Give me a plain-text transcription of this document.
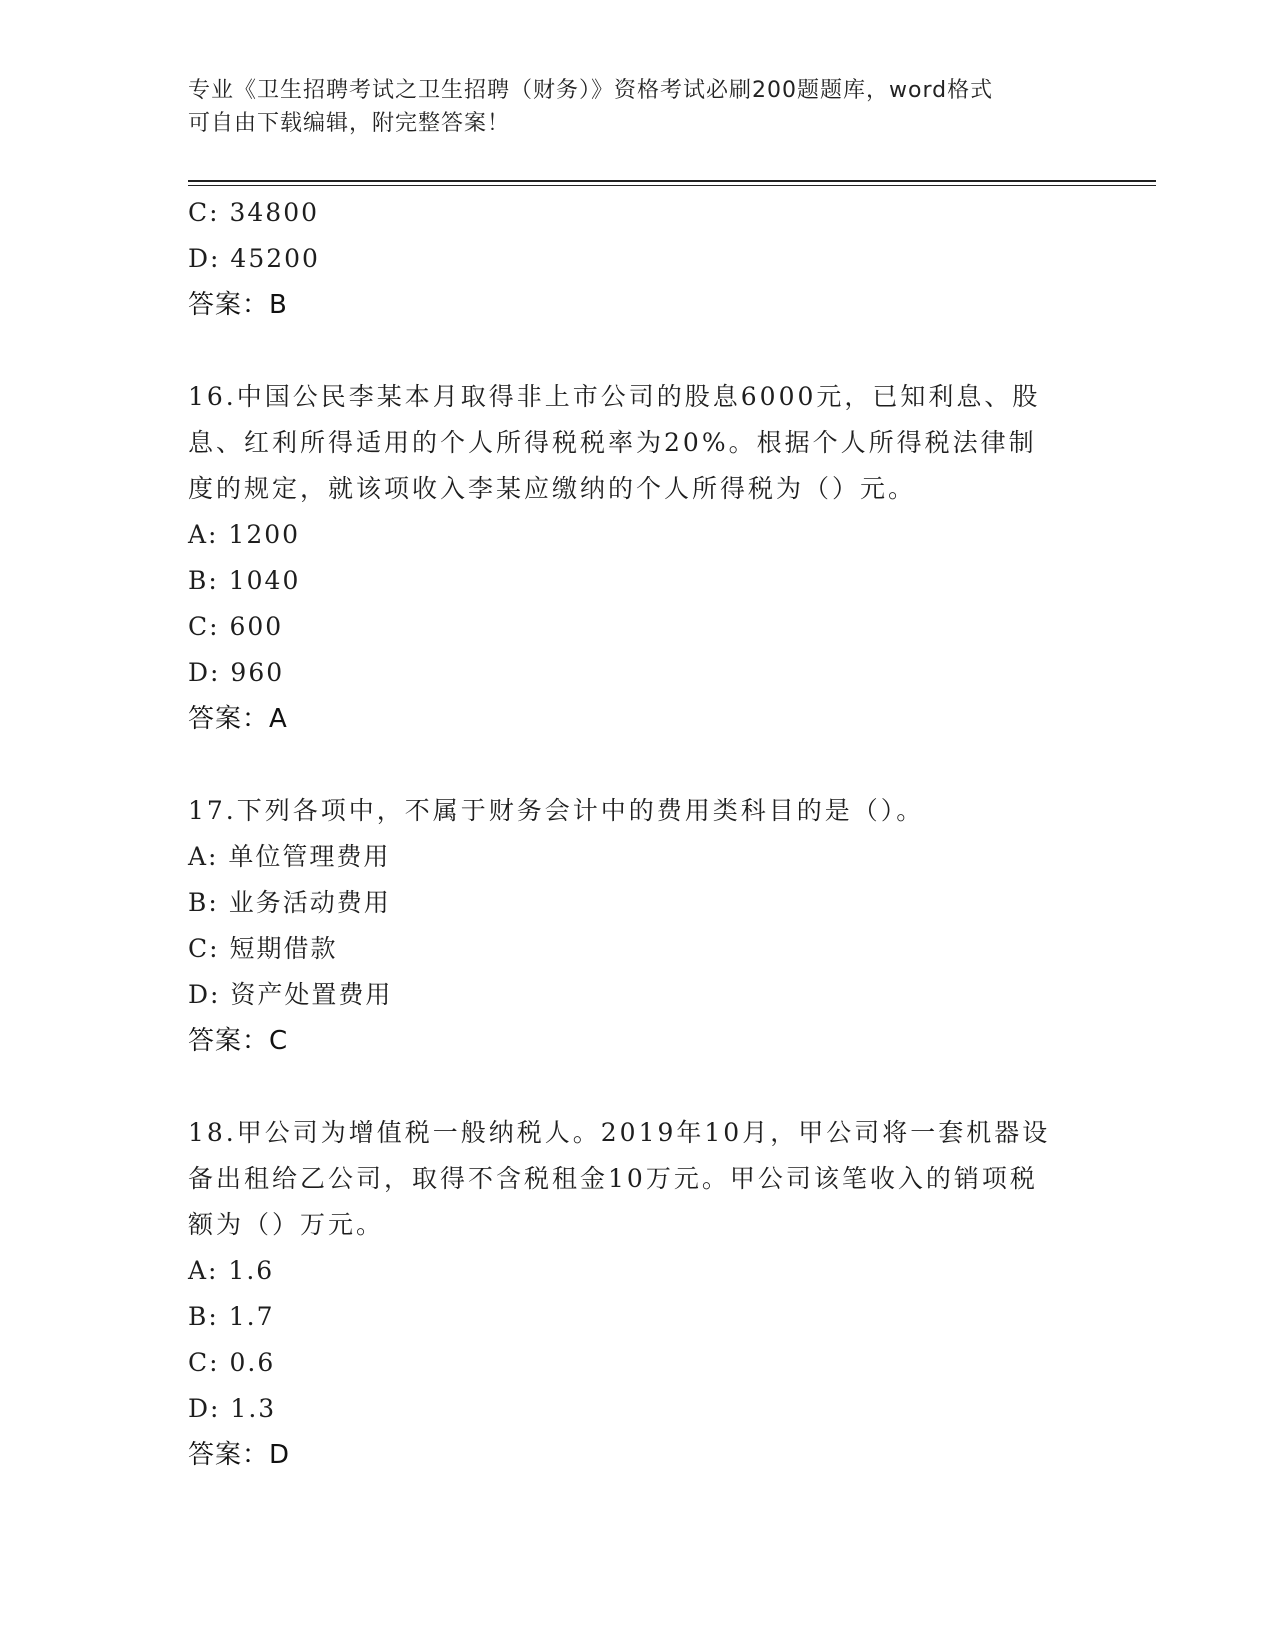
专业《卫生招聘考试之卫生招聘（财务）》资格考试必刷200题题库，word格式
可自由下载编辑，附完整答案！
C: 34800
D: 45200
答案：B
16.中国公民李某本月取得非上市公司的股息6000元，已知利息、股
息、红利所得适用的个人所得税税率为20%。根据个人所得税法律制
度的规定，就该项收入李某应缴纳的个人所得税为（）元。
A: 1200
B: 1040
C: 600
D: 960
答案：A
17.下列各项中，不属于财务会计中的费用类科目的是（）。
A: 单位管理费用
B: 业务活动费用
C: 短期借款
D: 资产处置费用
答案：C
18.甲公司为增值税一般纳税人。2019年10月，甲公司将一套机器设
备出租给乙公司，取得不含税租金10万元。甲公司该笔收入的销项税
额为（）万元。
A: 1.6
B: 1.7
C: 0.6
D: 1.3
答案：D
